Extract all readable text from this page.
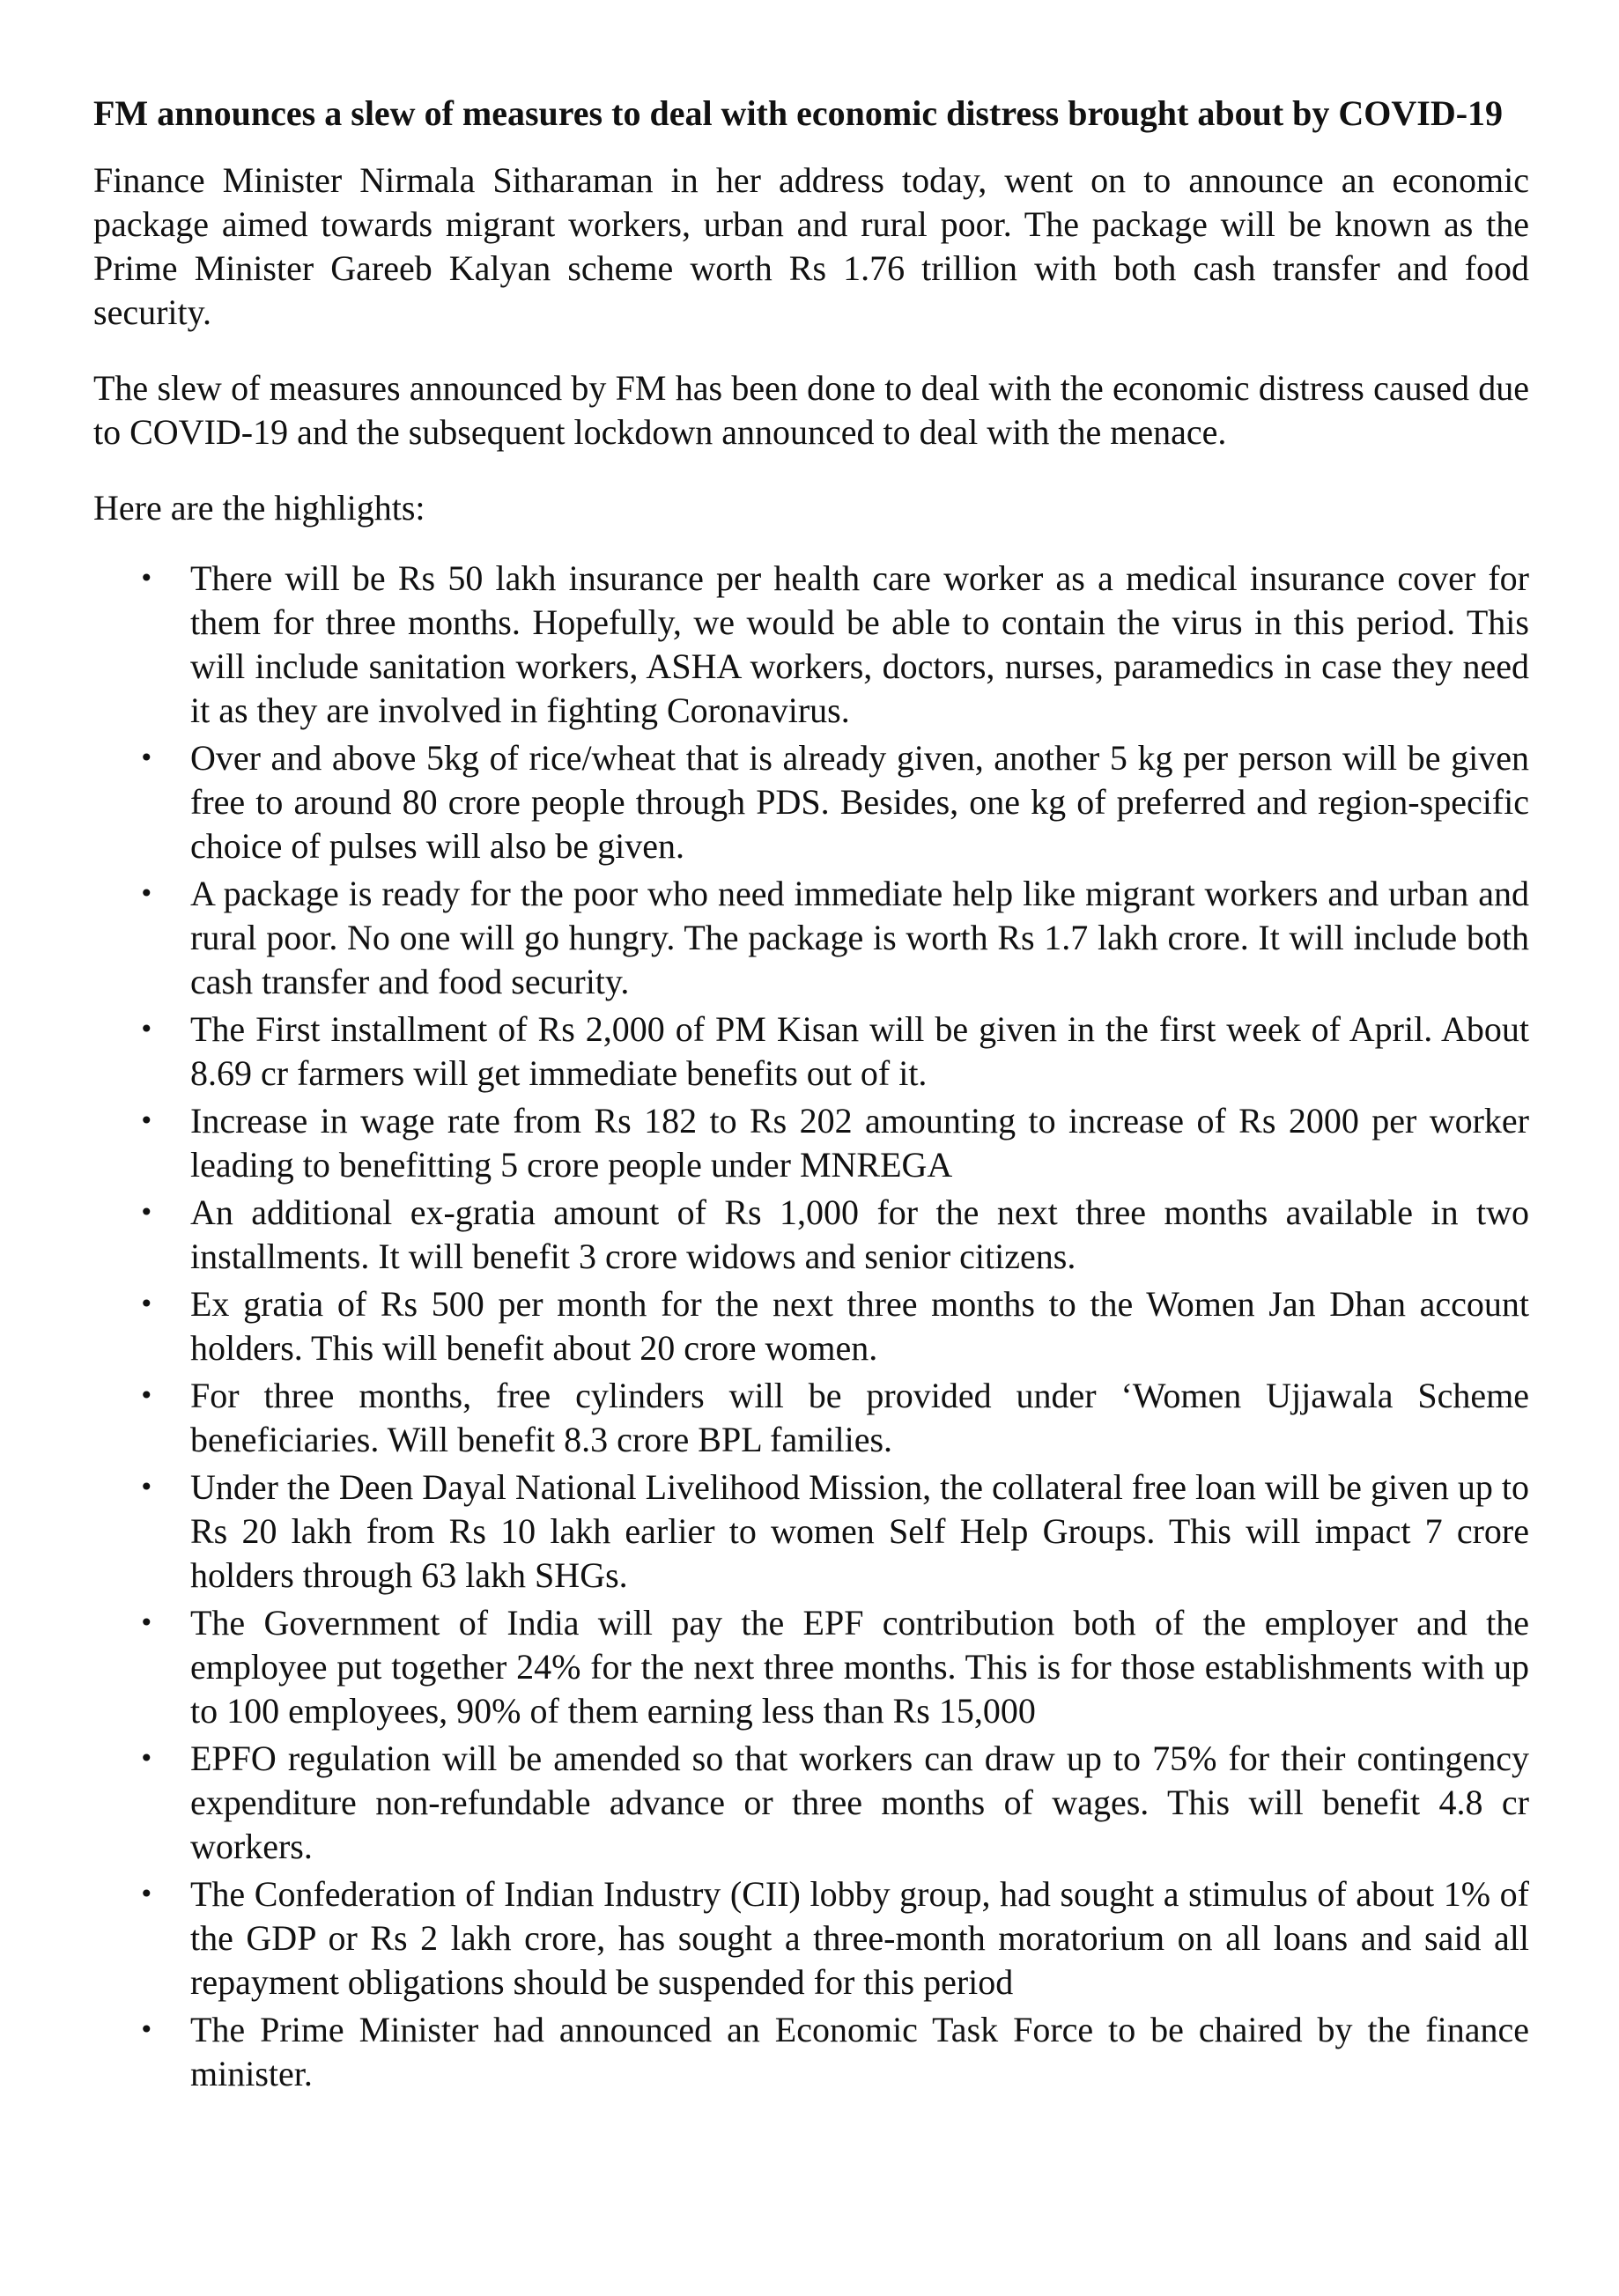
FM announces a slew of measures to deal with economic distress brought about by COVID-19

Finance Minister Nirmala Sitharaman in her address today, went on to announce an economic package aimed towards migrant workers, urban and rural poor. The package will be known as the Prime Minister Gareeb Kalyan scheme worth Rs 1.76 trillion with both cash transfer and food security.

The slew of measures announced by FM has been done to deal with the economic distress caused due to COVID-19 and the subsequent lockdown announced to deal with the menace.

Here are the highlights:

• There will be Rs 50 lakh insurance per health care worker as a medical insurance cover for them for three months. Hopefully, we would be able to contain the virus in this period. This will include sanitation workers, ASHA workers, doctors, nurses, paramedics in case they need it as they are involved in fighting Coronavirus.
• Over and above 5kg of rice/wheat that is already given, another 5 kg per person will be given free to around 80 crore people through PDS. Besides, one kg of preferred and region-specific choice of pulses will also be given.
• A package is ready for the poor who need immediate help like migrant workers and urban and rural poor. No one will go hungry. The package is worth Rs 1.7 lakh crore. It will include both cash transfer and food security.
• The First installment of Rs 2,000 of PM Kisan will be given in the first week of April. About 8.69 cr farmers will get immediate benefits out of it.
• Increase in wage rate from Rs 182 to Rs 202 amounting to increase of Rs 2000 per worker leading to benefitting 5 crore people under MNREGA
• An additional ex-gratia amount of Rs 1,000 for the next three months available in two installments. It will benefit 3 crore widows and senior citizens.
• Ex gratia of Rs 500 per month for the next three months to the Women Jan Dhan account holders. This will benefit about 20 crore women.
• For three months, free cylinders will be provided under ‘Women Ujjawala Scheme beneficiaries. Will benefit 8.3 crore BPL families.
• Under the Deen Dayal National Livelihood Mission, the collateral free loan will be given up to Rs 20 lakh from Rs 10 lakh earlier to women Self Help Groups. This will impact 7 crore holders through 63 lakh SHGs.
• The Government of India will pay the EPF contribution both of the employer and the employee put together 24% for the next three months. This is for those establishments with up to 100 employees, 90% of them earning less than Rs 15,000
• EPFO regulation will be amended so that workers can draw up to 75% for their contingency expenditure non-refundable advance or three months of wages. This will benefit 4.8 cr workers.
• The Confederation of Indian Industry (CII) lobby group, had sought a stimulus of about 1% of the GDP or Rs 2 lakh crore, has sought a three-month moratorium on all loans and said all repayment obligations should be suspended for this period
• The Prime Minister had announced an Economic Task Force to be chaired by the finance minister.
